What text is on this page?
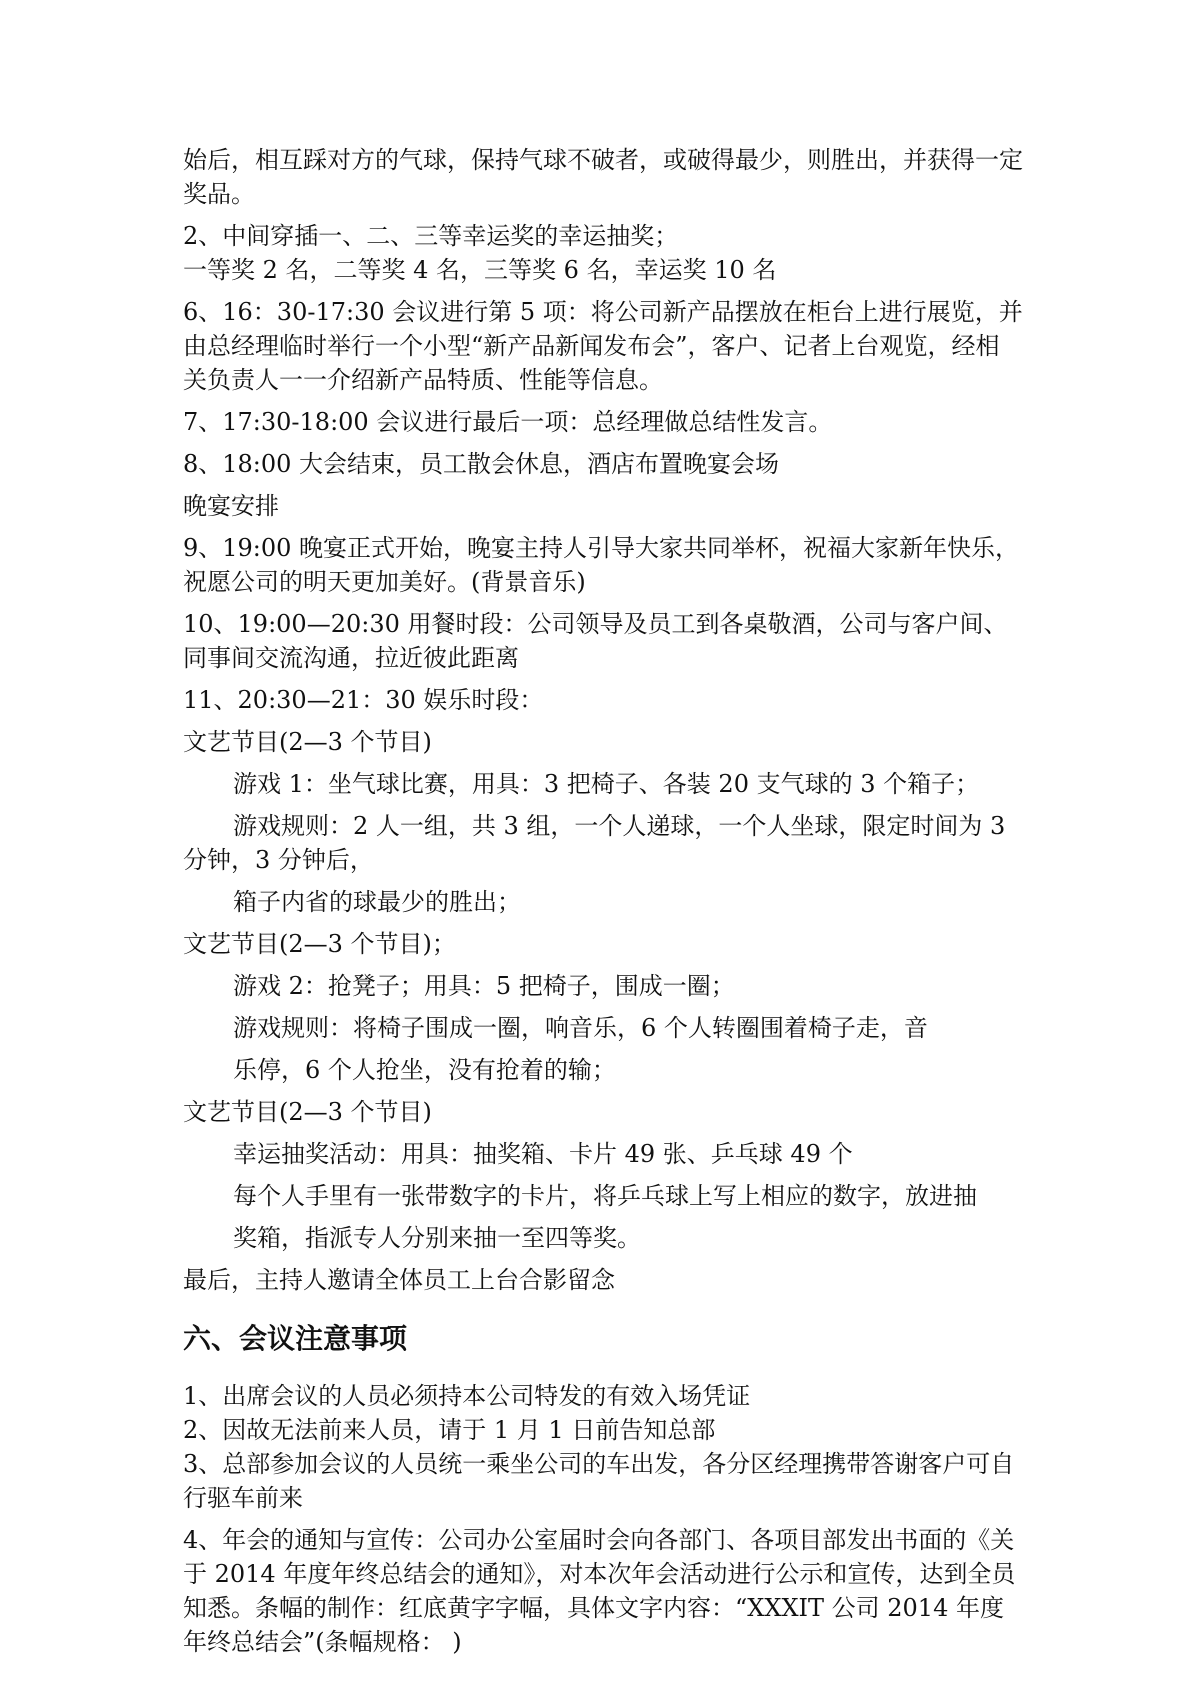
始后，相互踩对方的气球，保持气球不破者，或破得最少，则胜出，并获得一定奖品。

2、中间穿插一、二、三等幸运奖的幸运抽奖；

一等奖 2 名，二等奖 4 名，三等奖 6 名，幸运奖 10 名

6、16：30-17:30 会议进行第 5 项：将公司新产品摆放在柜台上进行展览，并由总经理临时举行一个小型“新产品新闻发布会”，客户、记者上台观览，经相关负责人一一介绍新产品特质、性能等信息。

7、17:30-18:00 会议进行最后一项：总经理做总结性发言。

8、18:00 大会结束，员工散会休息，酒店布置晚宴会场

晚宴安排

9、19:00 晚宴正式开始，晚宴主持人引导大家共同举杯，祝福大家新年快乐，祝愿公司的明天更加美好。(背景音乐)

10、19:00—20:30 用餐时段：公司领导及员工到各桌敬酒，公司与客户间、同事间交流沟通，拉近彼此距离

11、20:30—21：30 娱乐时段：

文艺节目(2—3 个节目)

游戏 1：坐气球比赛，用具：3 把椅子、各装 20 支气球的 3 个箱子；

游戏规则：2 人一组，共 3 组，一个人递球，一个人坐球，限定时间为 3 分钟，3 分钟后，

箱子内省的球最少的胜出；

文艺节目(2—3 个节目)；

游戏 2：抢凳子；用具：5 把椅子，围成一圈；

游戏规则：将椅子围成一圈，响音乐，6 个人转圈围着椅子走，音

乐停，6 个人抢坐，没有抢着的输；

文艺节目(2—3 个节目)

幸运抽奖活动：用具：抽奖箱、卡片 49 张、乒乓球 49 个

每个人手里有一张带数字的卡片，将乒乓球上写上相应的数字，放进抽

奖箱，指派专人分别来抽一至四等奖。

最后，主持人邀请全体员工上台合影留念

六、会议注意事项

1、出席会议的人员必须持本公司特发的有效入场凭证

2、因故无法前来人员，请于 1 月 1 日前告知总部

3、总部参加会议的人员统一乘坐公司的车出发，各分区经理携带答谢客户可自行驱车前来

4、年会的通知与宣传：公司办公室届时会向各部门、各项目部发出书面的《关于 2014 年度年终总结会的通知》，对本次年会活动进行公示和宣传，达到全员知悉。条幅的制作：红底黄字字幅，具体文字内容：“XXXIT 公司 2014 年度年终总结会”(条幅规格： )
